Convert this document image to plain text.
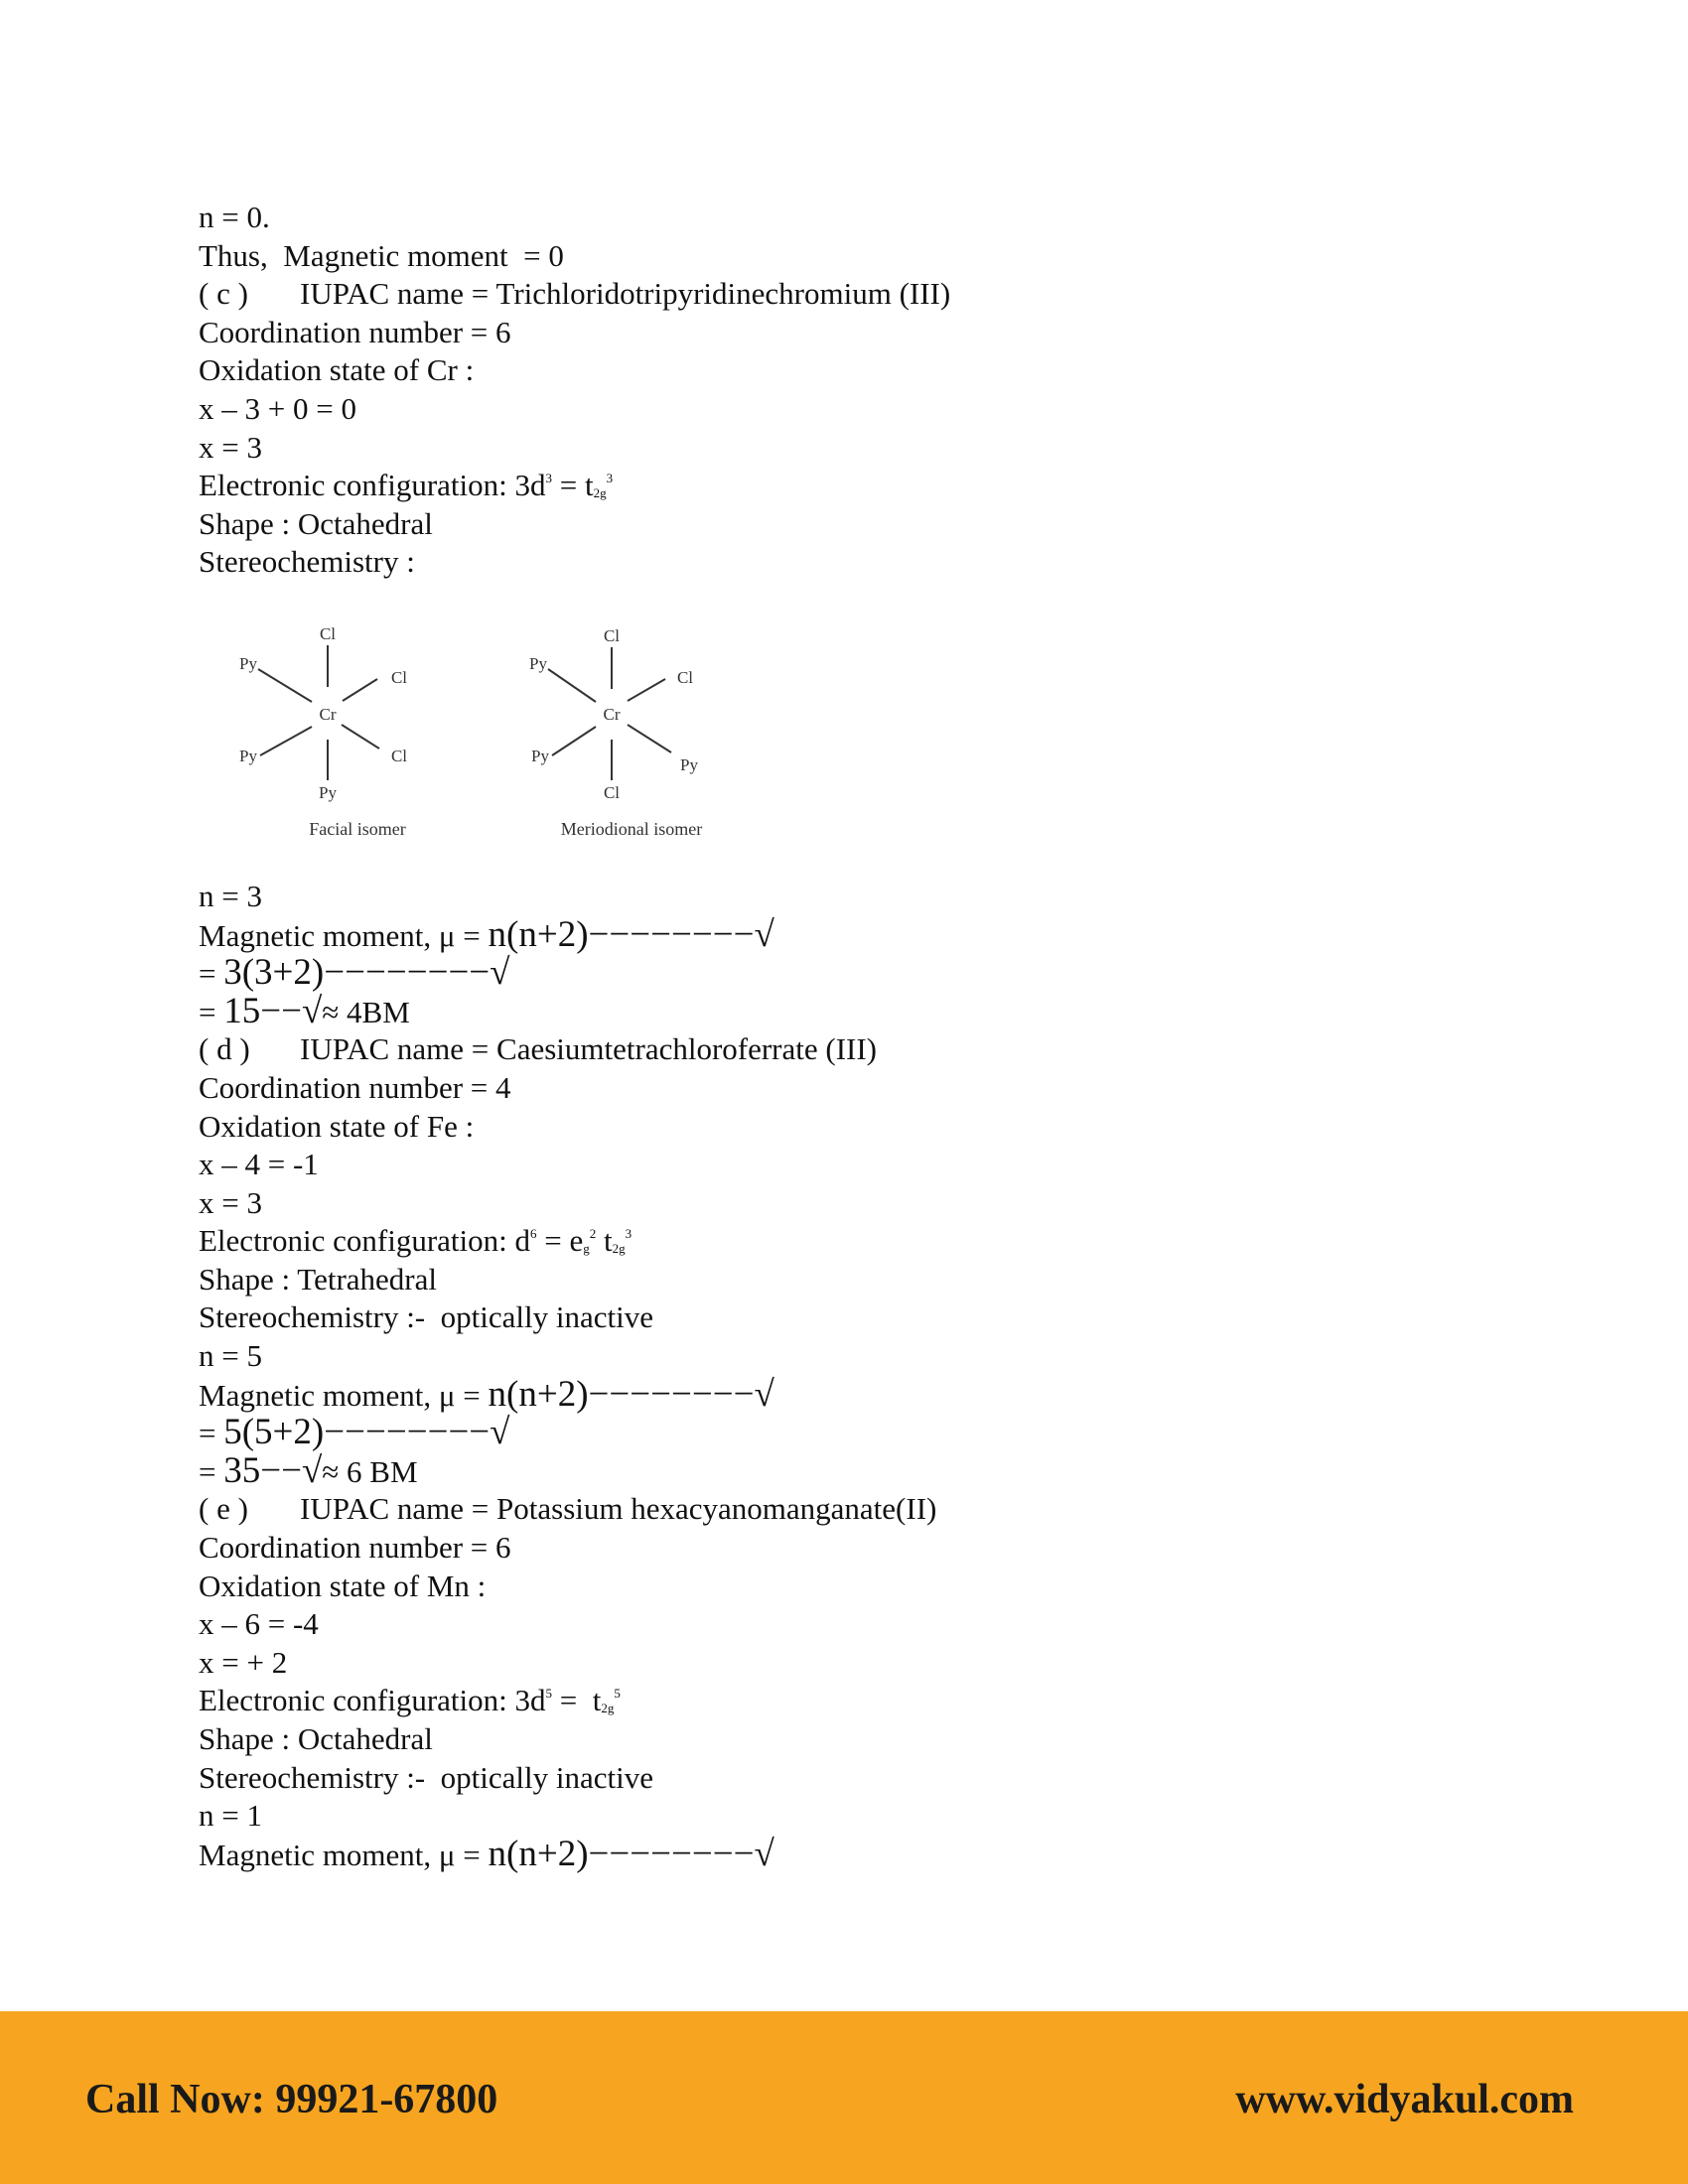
n = 0.
Thus,  Magnetic moment  = 0
( c ) IUPAC name = Trichloridotripyridinechromium (III)
Coordination number = 6
Oxidation state of Cr :
x – 3 + 0 = 0
x = 3
Electronic configuration: $3d^3 = t_{2g}^3$
Shape : Octahedral
Stereochemistry :
Cl
Py
Cl
Cr
Py	Cl
Py
Facial isomer
Cl
Py
Cl
Cr
Py	Py
Cl
Meriodional isomer
n = 3
Magnetic moment, μ = n(n+2)−−−−−−−−√
= 3(3+2)−−−−−−−−√
= 15−−√≈ 4BM
( d ) IUPAC name = Caesiumtetrachloroferrate (III)
Coordination number = 4
Oxidation state of Fe :
x – 4 = -1
x = 3
Electronic configuration: $d^6 = e_g^2$ $t_{2g}^3$
Shape : Tetrahedral
Stereochemistry :-  optically inactive
n = 5
Magnetic moment, μ = n(n+2)−−−−−−−−√
= 5(5+2)−−−−−−−−√
= 35−−√≈ 6 BM
( e ) IUPAC name = Potassium hexacyanomanganate(II)
Coordination number = 6
Oxidation state of Mn :
x – 6 = -4
x = + 2
Electronic configuration: $3d^5 = t_{2g}^5$
Shape : Octahedral
Stereochemistry :-  optically inactive
n = 1
Magnetic moment, μ = n(n+2)−−−−−−−−√
Call Now: 99921-67800	www.vidyakul.com
